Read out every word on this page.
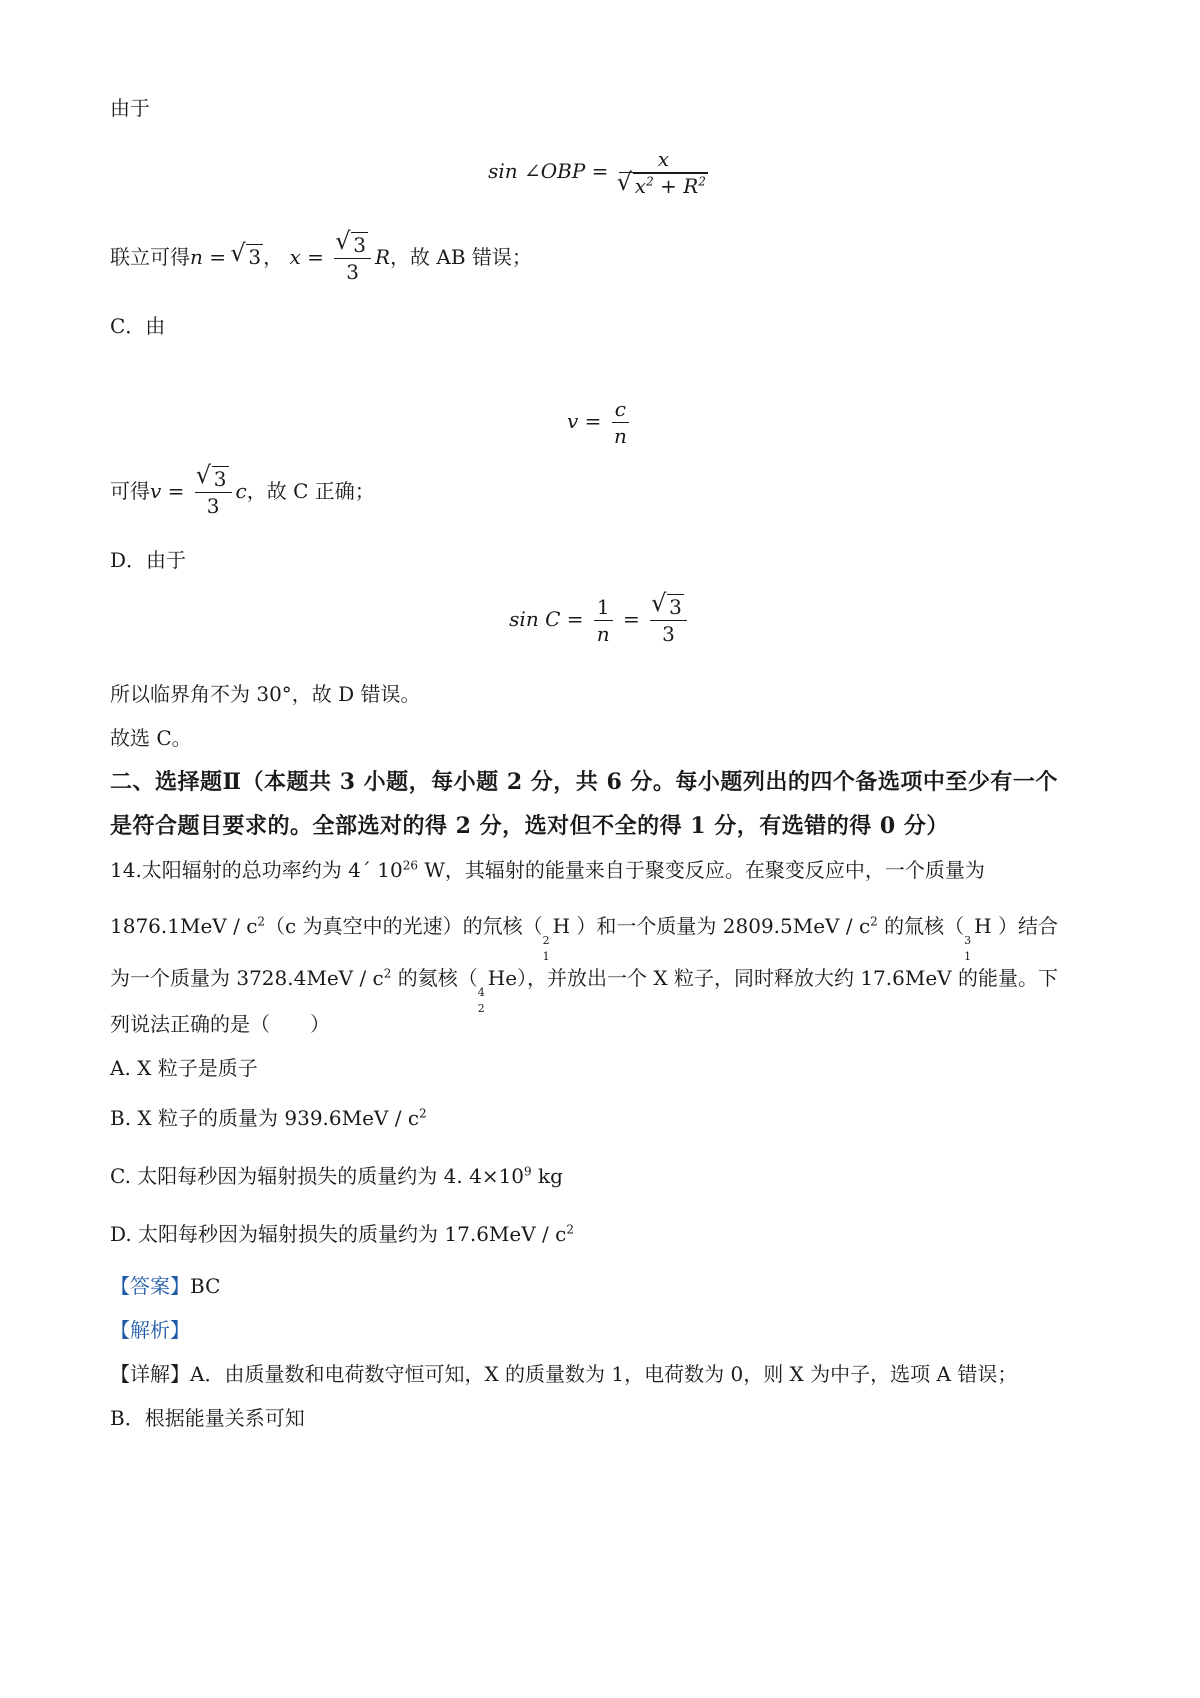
由于
sin ∠OBP = x
√ $x^2 + R^2$
联立可得n = √ 3 ， x = √ $\frac{3}{3}$ R，故 AB 错误；
C．由
$v = \frac{c}{n}$
可得v = √ $\frac{3}{3}$ c，故 C 正确；
D．由于
$\sin C = \frac{1}{n}$ = √ $\frac{3}{3}$
所以临界角不为 30°，故 D 错误。
故选 C。
二、选择题Ⅱ（本题共 3 小题，每小题 2 分，共 6 分。每小题列出的四个备选项中至少有一个
是符合题目要求的。全部选对的得 2 分，选对但不全的得 1 分，有选错的得 0 分）
14.太阳辐射的总功率约为 4´ $10^{26}$ W，其辐射的能量来自于聚变反应。在聚变反应中，一个质量为
$1876.1MeV / c^2(c$ 为真空中的光速）的氘核（
2
1
H ）和一个质量为 $2809.5MeV / c^2$ 的氚核（
3
1
H ）结合
为一个质量为 $3728.4MeV / c^2$ 的氦核（
4
2
He），并放出一个 X 粒子，同时释放大约 17.6MeV 的能量。下
列说法正确的是（　　）
A. X 粒子是质子
B. X 粒子的质量为 $939.6MeV / c^2$
C. 太阳每秒因为辐射损失的质量约为 4. $4\times 10^9$ kg
D. 太阳每秒因为辐射损失的质量约为 $17.6MeV / c^2$
【答案】BC
【解析】
【详解】A．由质量数和电荷数守恒可知，X 的质量数为 1，电荷数为 0，则 X 为中子，选项 A 错误；
B．根据能量关系可知
